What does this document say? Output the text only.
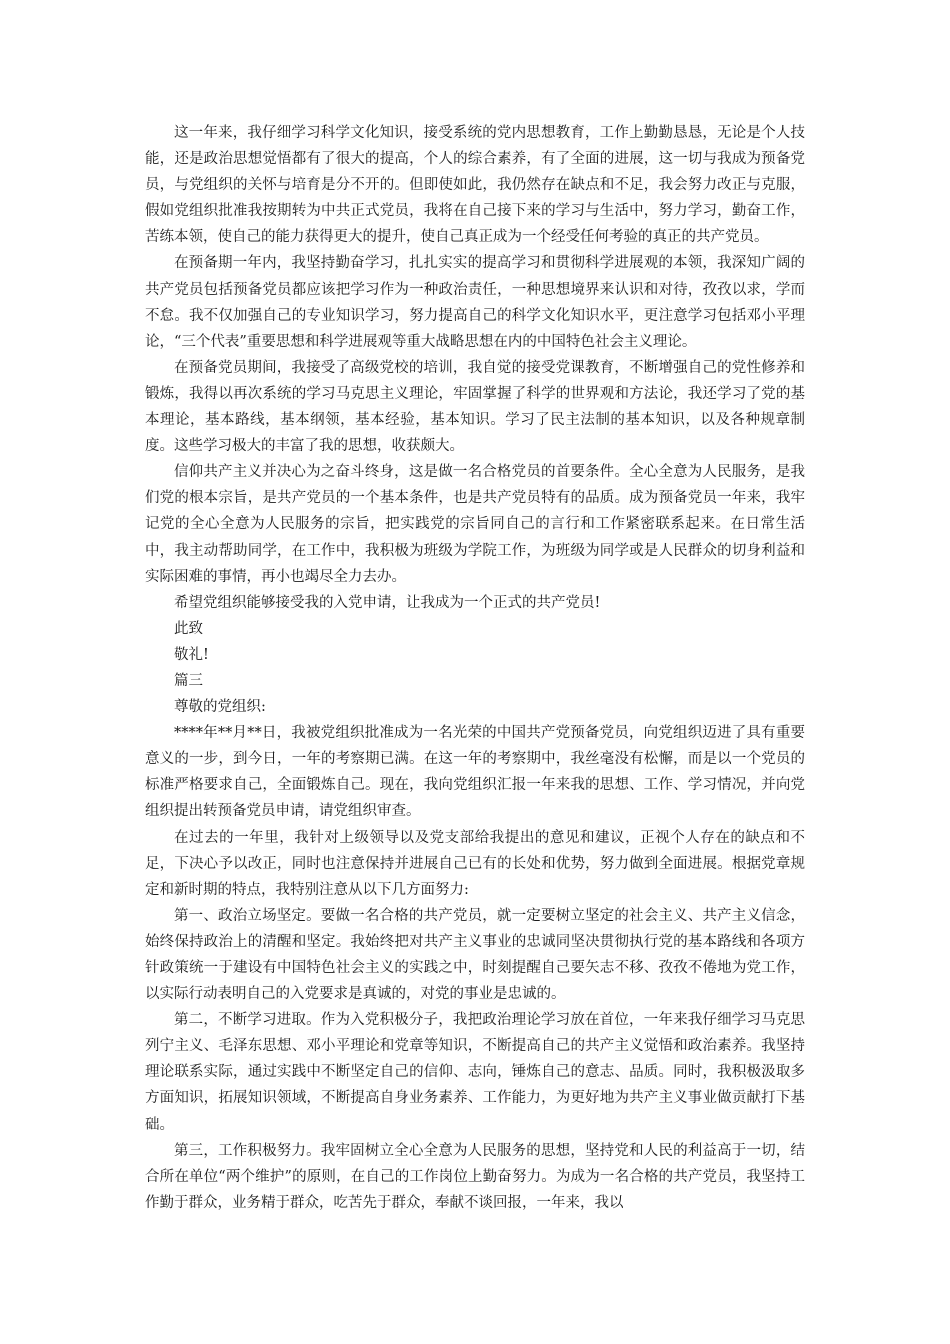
这一年来，我仔细学习科学文化知识，接受系统的党内思想教育，工作上勤勤恳恳，无论是个人技能，还是政治思想觉悟都有了很大的提高，个人的综合素养，有了全面的进展，这一切与我成为预备党员，与党组织的关怀与培育是分不开的。但即使如此，我仍然存在缺点和不足，我会努力改正与克服，假如党组织批准我按期转为中共正式党员，我将在自己接下来的学习与生活中，努力学习，勤奋工作，苦练本领，使自己的能力获得更大的提升，使自己真正成为一个经受任何考验的真正的共产党员。

在预备期一年内，我坚持勤奋学习，扎扎实实的提高学习和贯彻科学进展观的本领，我深知广阔的共产党员包括预备党员都应该把学习作为一种政治责任，一种思想境界来认识和对待，孜孜以求，学而不怠。我不仅加强自己的专业知识学习，努力提高自己的科学文化知识水平，更注意学习包括邓小平理论，“三个代表”重要思想和科学进展观等重大战略思想在内的中国特色社会主义理论。

在预备党员期间，我接受了高级党校的培训，我自觉的接受党课教育，不断增强自己的党性修养和锻炼，我得以再次系统的学习马克思主义理论，牢固掌握了科学的世界观和方法论，我还学习了党的基本理论，基本路线，基本纲领，基本经验，基本知识。学习了民主法制的基本知识，以及各种规章制度。这些学习极大的丰富了我的思想，收获颇大。

信仰共产主义并决心为之奋斗终身，这是做一名合格党员的首要条件。全心全意为人民服务，是我们党的根本宗旨，是共产党员的一个基本条件，也是共产党员特有的品质。成为预备党员一年来，我牢记党的全心全意为人民服务的宗旨，把实践党的宗旨同自己的言行和工作紧密联系起来。在日常生活中，我主动帮助同学，在工作中，我积极为班级为学院工作，为班级为同学或是人民群众的切身利益和实际困难的事情，再小也竭尽全力去办。

希望党组织能够接受我的入党申请，让我成为一个正式的共产党员!

此致

敬礼!

篇三

尊敬的党组织:

****年**月**日，我被党组织批准成为一名光荣的中国共产党预备党员，向党组织迈进了具有重要意义的一步，到今日，一年的考察期已满。在这一年的考察期中，我丝毫没有松懈，而是以一个党员的标准严格要求自己，全面锻炼自己。现在，我向党组织汇报一年来我的思想、工作、学习情况，并向党组织提出转预备党员申请，请党组织审查。

在过去的一年里，我针对上级领导以及党支部给我提出的意见和建议，正视个人存在的缺点和不足，下决心予以改正，同时也注意保持并进展自己已有的长处和优势，努力做到全面进展。根据党章规定和新时期的特点，我特别注意从以下几方面努力:

第一、政治立场坚定。要做一名合格的共产党员，就一定要树立坚定的社会主义、共产主义信念，始终保持政治上的清醒和坚定。我始终把对共产主义事业的忠诚同坚决贯彻执行党的基本路线和各项方针政策统一于建设有中国特色社会主义的实践之中，时刻提醒自己要矢志不移、孜孜不倦地为党工作，以实际行动表明自己的入党要求是真诚的，对党的事业是忠诚的。

第二，不断学习进取。作为入党积极分子，我把政治理论学习放在首位，一年来我仔细学习马克思列宁主义、毛泽东思想、邓小平理论和党章等知识，不断提高自己的共产主义觉悟和政治素养。我坚持理论联系实际，通过实践中不断坚定自己的信仰、志向，锤炼自己的意志、品质。同时，我积极汲取多方面知识，拓展知识领域，不断提高自身业务素养、工作能力，为更好地为共产主义事业做贡献打下基础。

第三，工作积极努力。我牢固树立全心全意为人民服务的思想，坚持党和人民的利益高于一切，结合所在单位“两个维护”的原则，在自己的工作岗位上勤奋努力。为成为一名合格的共产党员，我坚持工作勤于群众，业务精于群众，吃苦先于群众，奉献不谈回报，一年来，我以
